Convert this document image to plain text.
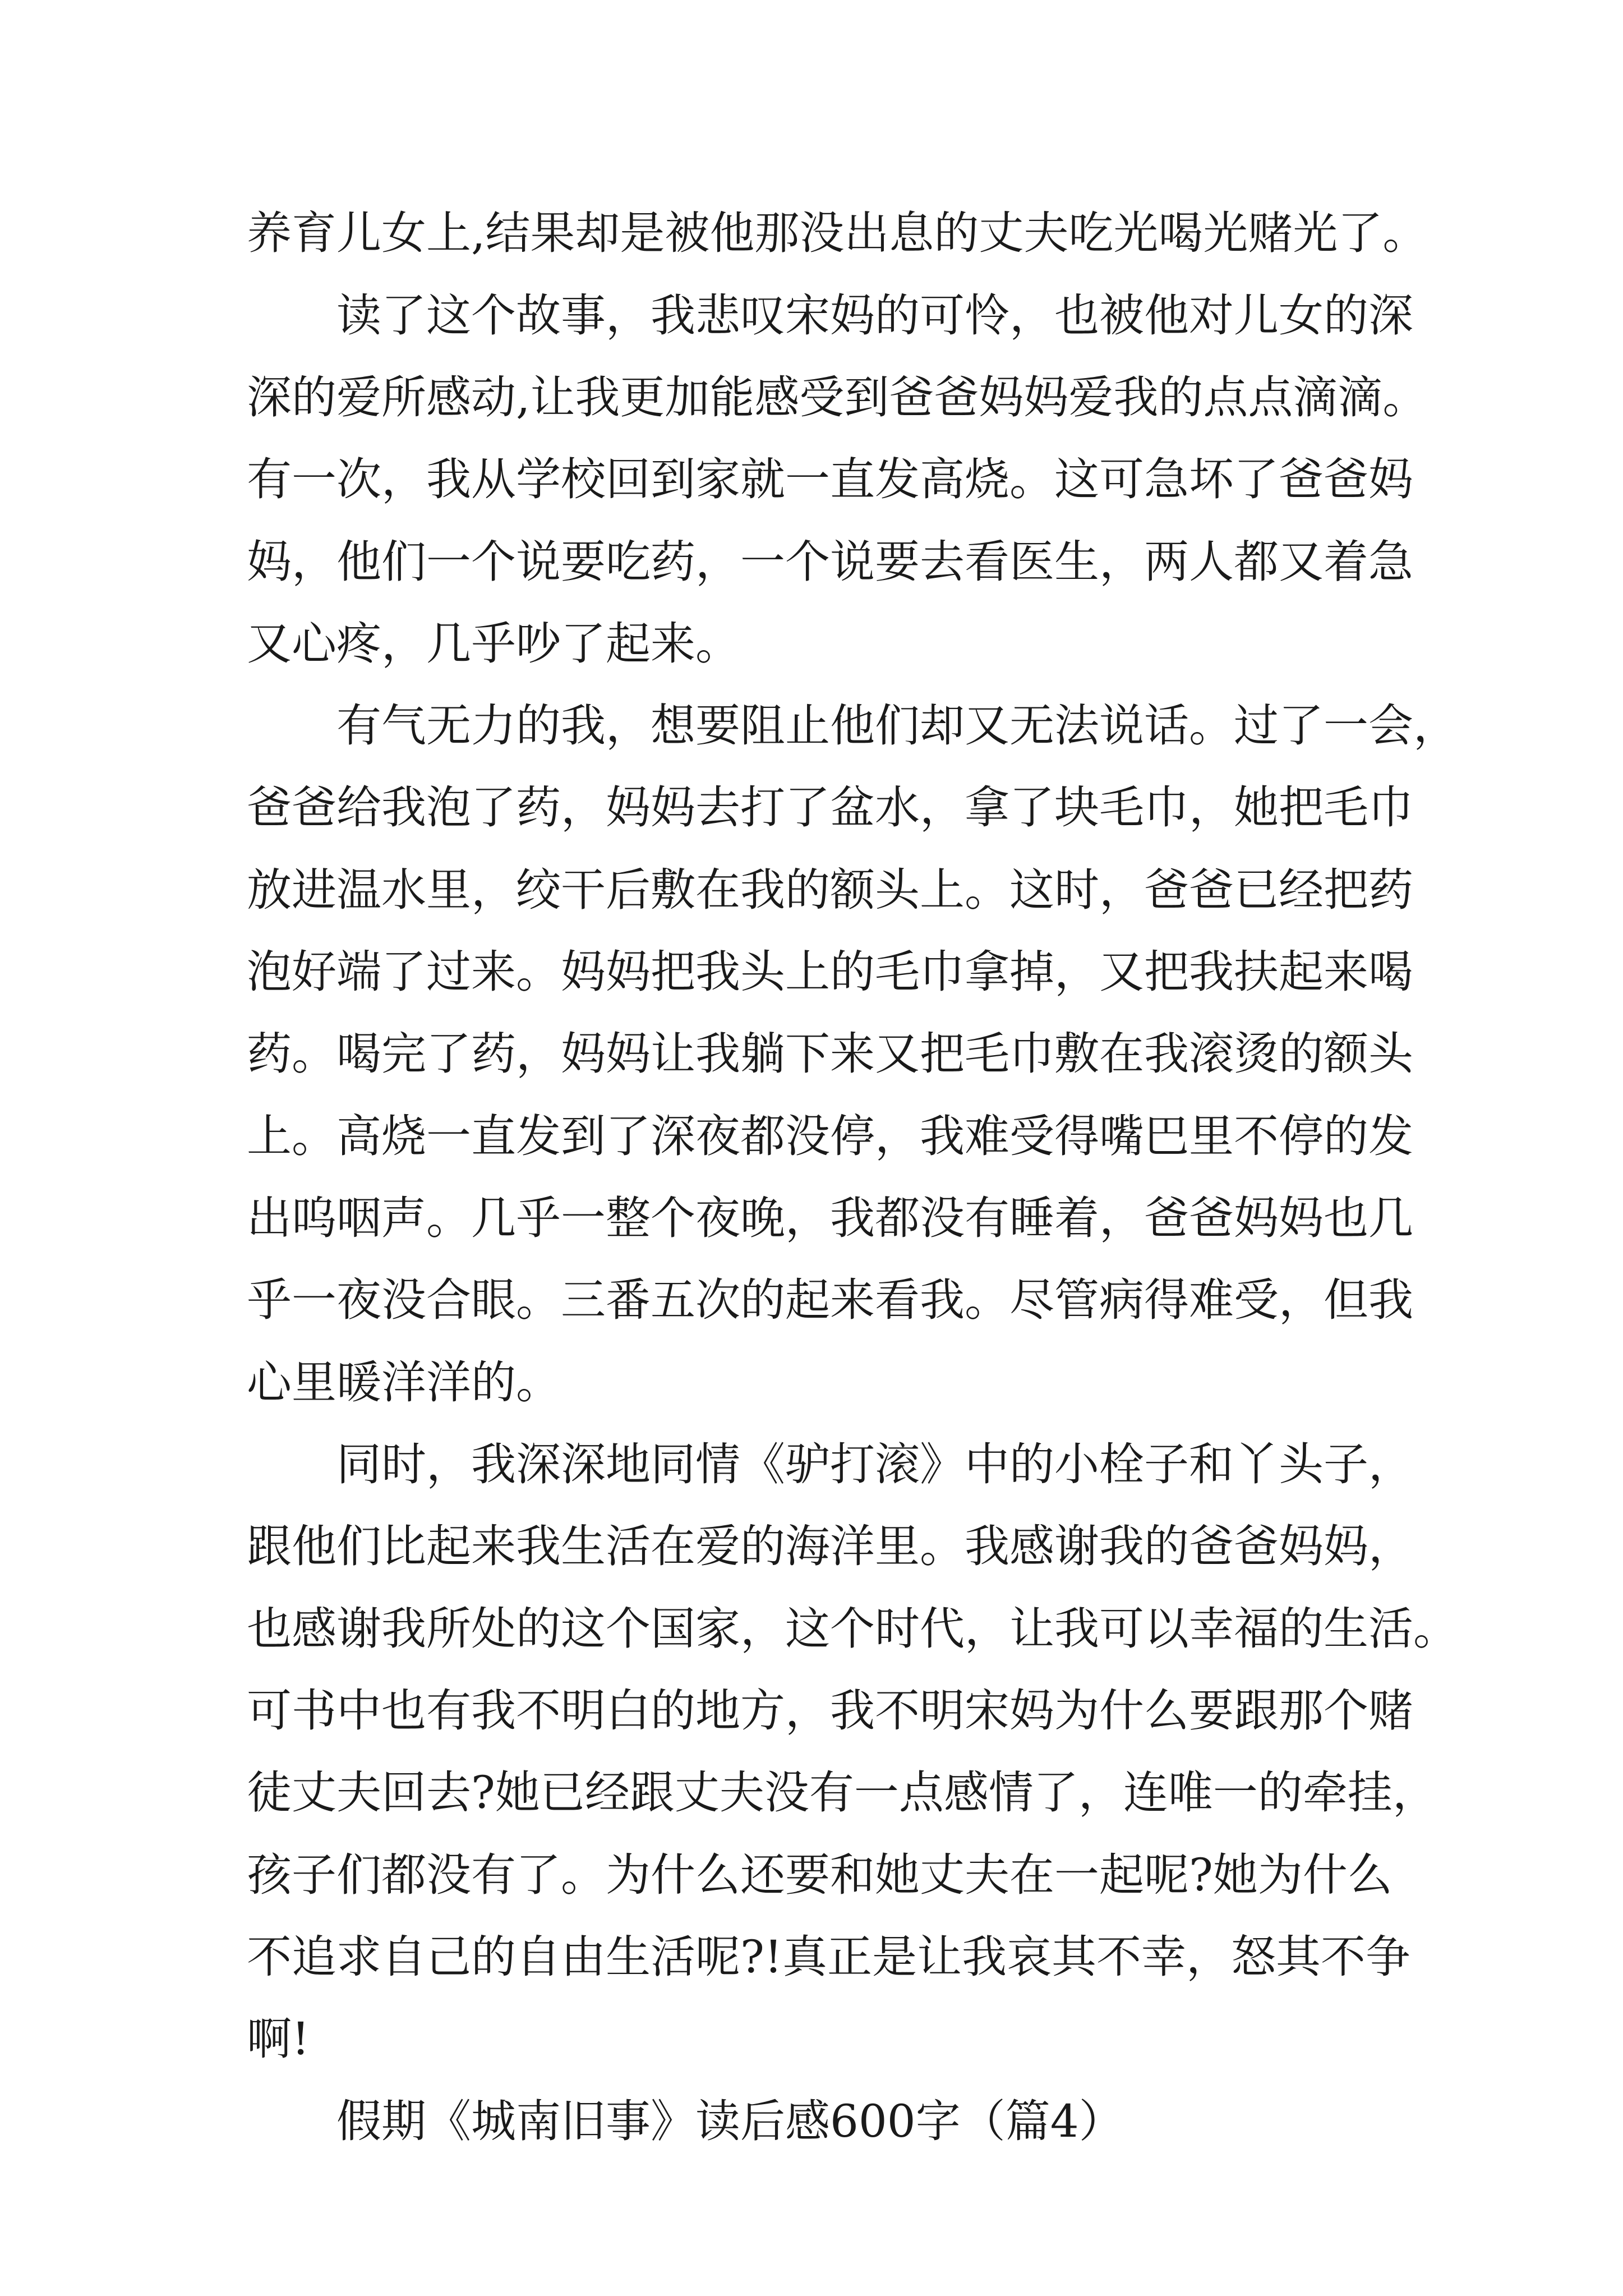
养育儿女上,结果却是被他那没出息的丈夫吃光喝光赌光了。
读了这个故事，我悲叹宋妈的可怜，也被他对儿女的深
深的爱所感动,让我更加能感受到爸爸妈妈爱我的点点滴滴。
有一次，我从学校回到家就一直发高烧。这可急坏了爸爸妈
妈，他们一个说要吃药，一个说要去看医生，两人都又着急
又心疼，几乎吵了起来。
有气无力的我，想要阻止他们却又无法说话。过了一会，
爸爸给我泡了药，妈妈去打了盆水，拿了块毛巾，她把毛巾
放进温水里，绞干后敷在我的额头上。这时，爸爸已经把药
泡好端了过来。妈妈把我头上的毛巾拿掉，又把我扶起来喝
药。喝完了药，妈妈让我躺下来又把毛巾敷在我滚烫的额头
上。高烧一直发到了深夜都没停，我难受得嘴巴里不停的发
出呜咽声。几乎一整个夜晚，我都没有睡着，爸爸妈妈也几
乎一夜没合眼。三番五次的起来看我。尽管病得难受，但我
心里暖洋洋的。
同时，我深深地同情《驴打滚》中的小栓子和丫头子，
跟他们比起来我生活在爱的海洋里。我感谢我的爸爸妈妈，
也感谢我所处的这个国家，这个时代，让我可以幸福的生活。
可书中也有我不明白的地方，我不明宋妈为什么要跟那个赌
徒丈夫回去?她已经跟丈夫没有一点感情了，连唯一的牵挂，
孩子们都没有了。为什么还要和她丈夫在一起呢?她为什么
不追求自己的自由生活呢?!真正是让我哀其不幸，怒其不争
啊!
假期《城南旧事》读后感600字（篇4）
